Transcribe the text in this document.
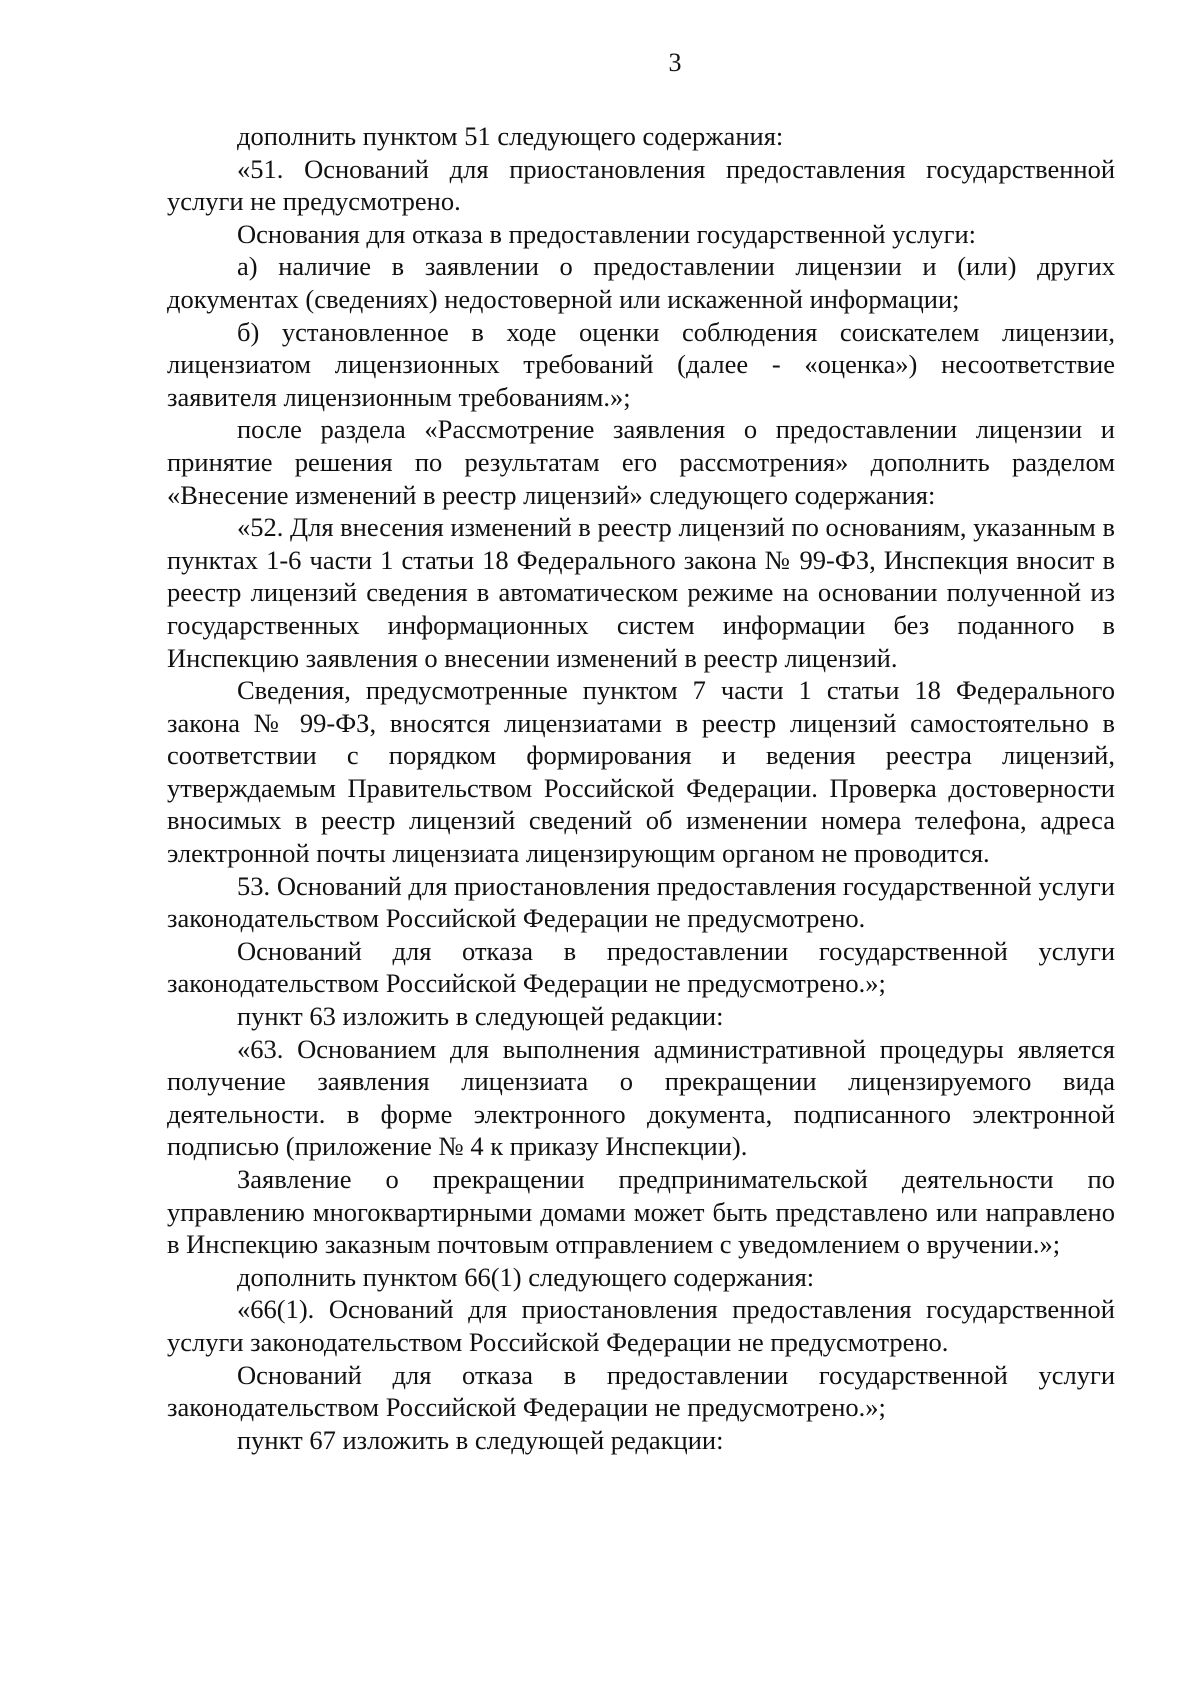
3

дополнить пунктом 51 следующего содержания:

«51. Оснований для приостановления предоставления государственной услуги не предусмотрено.

Основания для отказа в предоставлении государственной услуги:

а) наличие в заявлении о предоставлении лицензии и (или) других документах (сведениях) недостоверной или искаженной информации;

б) установленное в ходе оценки соблюдения соискателем лицензии, лицензиатом лицензионных требований (далее - «оценка») несоответствие заявителя лицензионным требованиям.»;

после раздела «Рассмотрение заявления о предоставлении лицензии и принятие решения по результатам его рассмотрения» дополнить разделом «Внесение изменений в реестр лицензий» следующего содержания:

«52. Для внесения изменений в реестр лицензий по основаниям, указанным в пунктах 1-6 части 1 статьи 18 Федерального закона № 99-ФЗ, Инспекция вносит в реестр лицензий сведения в автоматическом режиме на основании полученной из государственных информационных систем информации без поданного в Инспекцию заявления о внесении изменений в реестр лицензий.

Сведения, предусмотренные пунктом 7 части 1 статьи 18 Федерального закона № 99-ФЗ, вносятся лицензиатами в реестр лицензий самостоятельно в соответствии с порядком формирования и ведения реестра лицензий, утверждаемым Правительством Российской Федерации. Проверка достоверности вносимых в реестр лицензий сведений об изменении номера телефона, адреса электронной почты лицензиата лицензирующим органом не проводится.

53. Оснований для приостановления предоставления государственной услуги законодательством Российской Федерации не предусмотрено.

Оснований для отказа в предоставлении государственной услуги законодательством Российской Федерации не предусмотрено.»;

пункт 63 изложить в следующей редакции:

«63. Основанием для выполнения административной процедуры является получение заявления лицензиата о прекращении лицензируемого вида деятельности. в форме электронного документа, подписанного электронной подписью (приложение № 4 к приказу Инспекции).

Заявление о прекращении предпринимательской деятельности по управлению многоквартирными домами может быть представлено или направлено в Инспекцию заказным почтовым отправлением с уведомлением о вручении.»;

дополнить пунктом 66(1) следующего содержания:

«66(1). Оснований для приостановления предоставления государственной услуги законодательством Российской Федерации не предусмотрено.

Оснований для отказа в предоставлении государственной услуги законодательством Российской Федерации не предусмотрено.»;

пункт 67 изложить в следующей редакции:
